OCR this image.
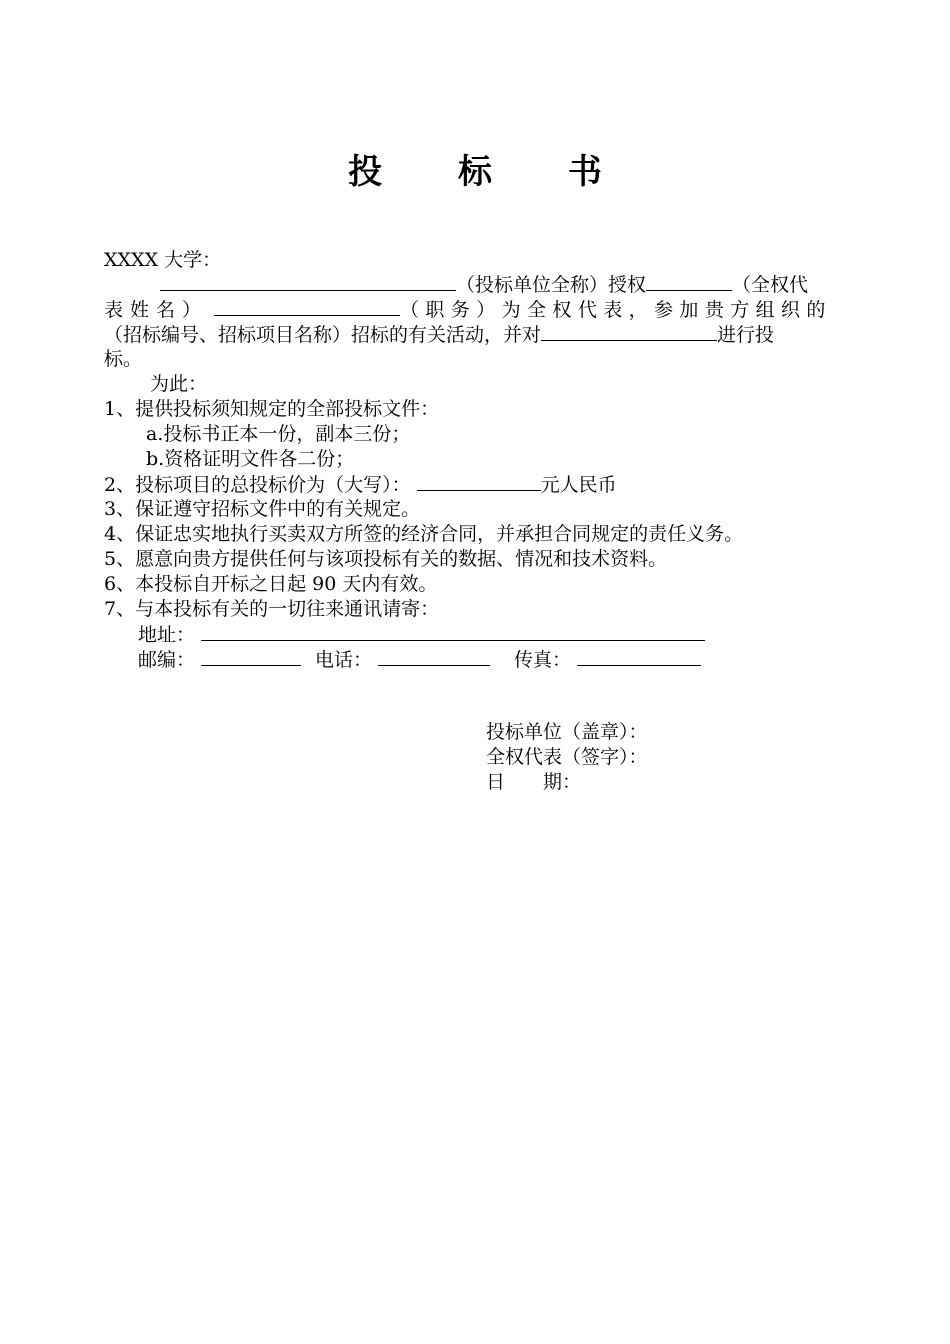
投 标 书
XXXX 大学：
（投标单位全称）授权	（全权代
表姓名）	（职务）为全权代表，参加贵方组织的
（招标编号、招标项目名称）招标的有关活动，并对	进行投
标。
为此：
1、提供投标须知规定的全部投标文件：
a.投标书正本一份，副本三份；
b.资格证明文件各二份；
2、投标项目的总投标价为（大写）：	元人民币
3、保证遵守招标文件中的有关规定。
4、保证忠实地执行买卖双方所签的经济合同，并承担合同规定的责任义务。
5、愿意向贵方提供任何与该项投标有关的数据、情况和技术资料。
6、本投标自开标之日起 90 天内有效。
7、与本投标有关的一切往来通讯请寄：
地址：
邮编：	电话：	传真：
投标单位（盖章）：
全权代表（签字）：
日　　期：
